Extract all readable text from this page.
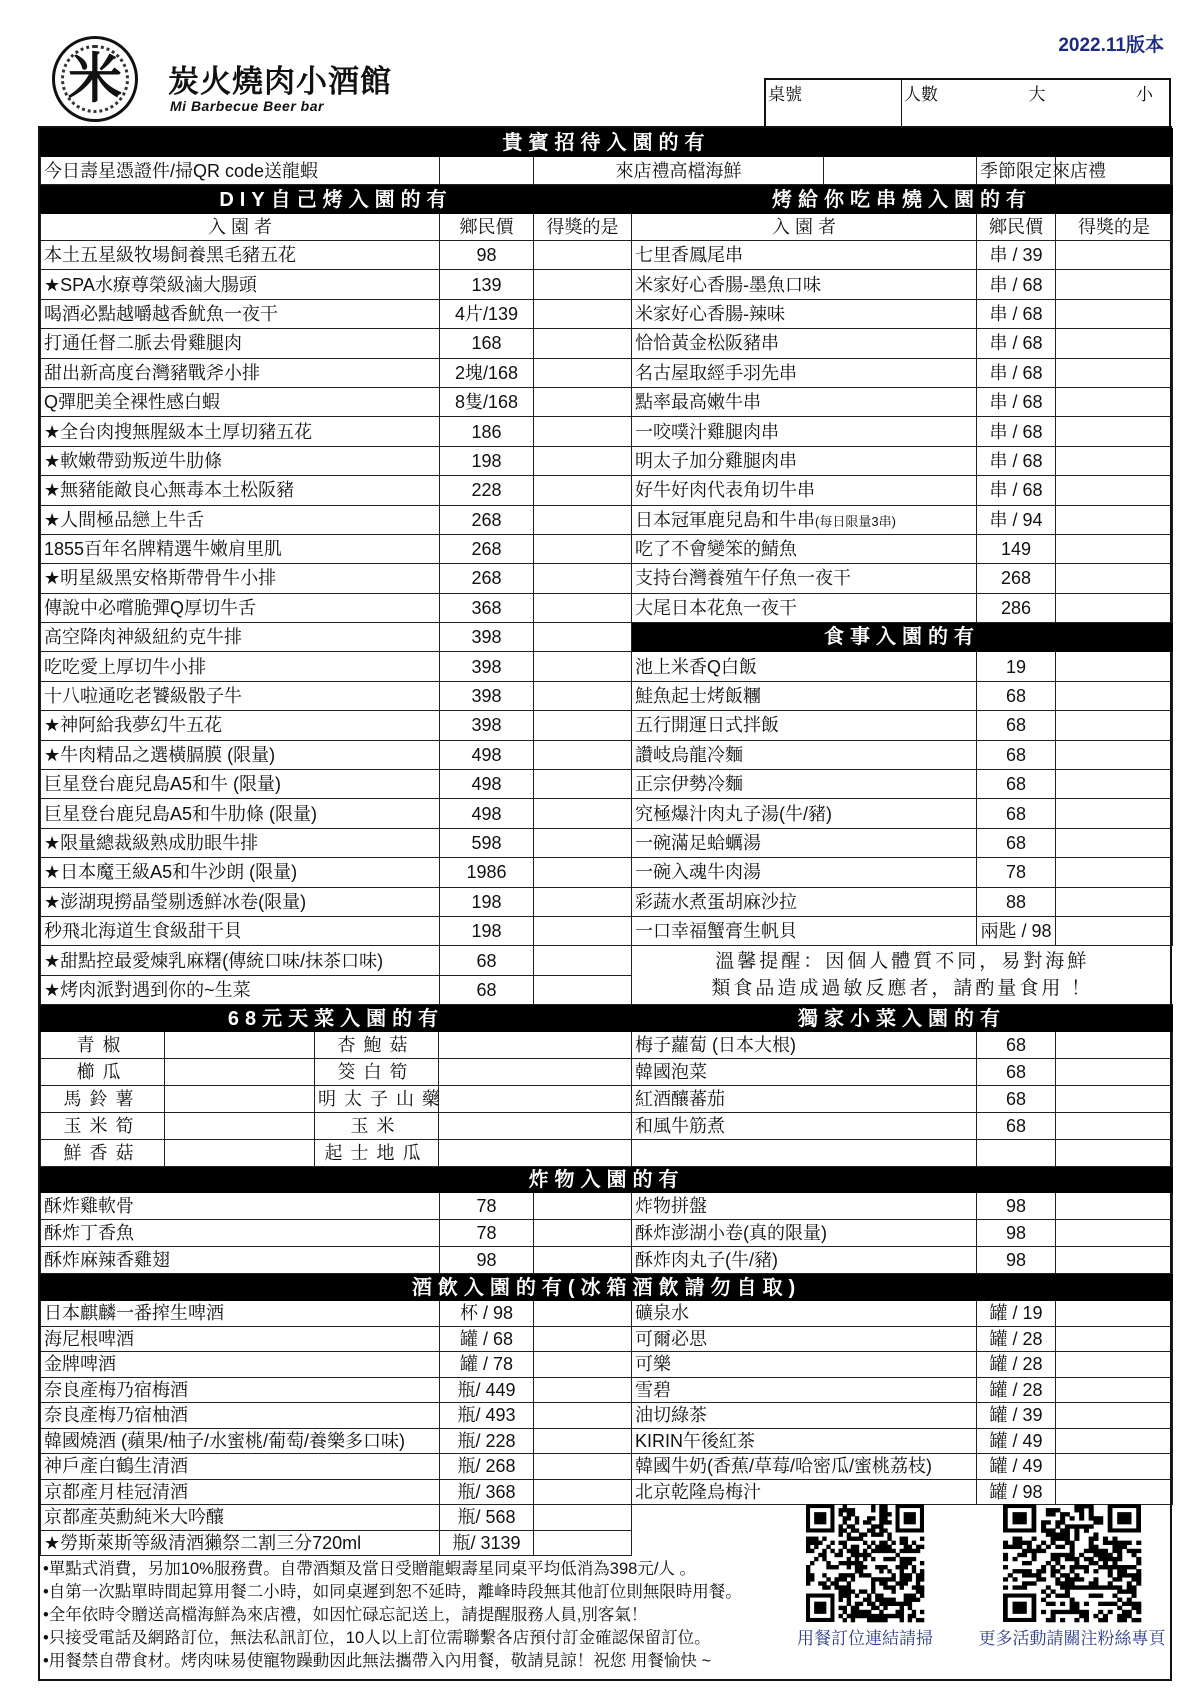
2022.11版本
米 炭火燒肉小酒館
Mi Barbecue Beer bar
桌號	人數	大	小
貴賓招待入園的有
今日壽星憑證件/掃QR code送龍蝦		來店禮高檔海鮮		季節限定來店禮	
DIY自己烤入園的有			烤給你吃串燒入園的有		
入 園 者	鄉民價	得獎的是	入 園 者	鄉民價	得獎的是
本土五星級牧場飼養黑毛豬五花	98		七里香鳳尾串	串 / 39	
★SPA水療尊榮級滷大腸頭	139		米家好心香腸-墨魚口味	串 / 68	
喝酒必點越嚼越香魷魚一夜干	4片/139		米家好心香腸-辣味	串 / 68	
打通任督二脈去骨雞腿肉	168		恰恰黃金松阪豬串	串 / 68	
甜出新高度台灣豬戰斧小排	2塊/168		名古屋取經手羽先串	串 / 68	
Q彈肥美全裸性感白蝦	8隻/168		點率最高嫩牛串	串 / 68	
★全台肉搜無腥級本土厚切豬五花	186		一咬噗汁雞腿肉串	串 / 68	
★軟嫩帶勁叛逆牛肋條	198		明太子加分雞腿肉串	串 / 68	
★無豬能敵良心無毒本土松阪豬	228		好牛好肉代表角切牛串	串 / 68	
★人間極品戀上牛舌	268		日本冠軍鹿兒島和牛串(每日限量3串)	串 / 94	
1855百年名牌精選牛嫩肩里肌	268		吃了不會變笨的鯖魚	149	
★明星級黑安格斯帶骨牛小排	268		支持台灣養殖午仔魚一夜干	268	
傳說中必嚐脆彈Q厚切牛舌	368		大尾日本花魚一夜干	286	
高空降肉神級紐約克牛排	398		食事入園的有		
吃吃愛上厚切牛小排	398		池上米香Q白飯	19	
十八啦通吃老饕級骰子牛	398		鮭魚起士烤飯糰	68	
★神阿給我夢幻牛五花	398		五行開運日式拌飯	68	
★牛肉精品之選橫膈膜 (限量)	498		讚岐烏龍冷麵	68	
巨星登台鹿兒島A5和牛 (限量)	498		正宗伊勢冷麵	68	
巨星登台鹿兒島A5和牛肋條 (限量)	498		究極爆汁肉丸子湯(牛/豬)	68	
★限量總裁級熟成肋眼牛排	598		一碗滿足蛤蠣湯	68	
★日本魔王級A5和牛沙朗 (限量)	1986		一碗入魂牛肉湯	78	
★澎湖現撈晶瑩剔透鮮冰卷(限量)	198		彩蔬水煮蛋胡麻沙拉	88	
秒飛北海道生食級甜干貝	198		一口幸福蟹膏生帆貝	兩匙 / 98	
★甜點控最愛煉乳麻糬(傳統口味/抹茶口味)	68		溫馨提醒：因個人體質不同，易對海鮮
類食品造成過敏反應者，請酌量食用 ！		

★烤肉派對遇到你的~生菜	68				
68元天菜入園的有				獨家小菜入園的有		
青椒		杏鮑菇		梅子蘿蔔 (日本大根)	68	
櫛瓜		筊白筍		韓國泡菜	68	
馬鈴薯		明太子山藥		紅酒釀蕃茄	68	
玉米筍		玉米		和風牛筋煮	68	
鮮香菇		起士地瓜				
炸物入園的有					
酥炸雞軟骨	78		炸物拼盤	98	
酥炸丁香魚	78		酥炸澎湖小卷(真的限量)	98	
酥炸麻辣香雞翅	98		酥炸肉丸子(牛/豬)	98	
酒飲入園的有(冰箱酒飲請勿自取)					
日本麒麟一番搾生啤酒	杯 / 98		礦泉水	罐 / 19	
海尼根啤酒	罐 / 68		可爾必思	罐 / 28	
金牌啤酒	罐 / 78		可樂	罐 / 28	
奈良產梅乃宿梅酒	瓶/ 449		雪碧	罐 / 28	
奈良產梅乃宿柚酒	瓶/ 493		油切綠茶	罐 / 39	
韓國燒酒 (蘋果/柚子/水蜜桃/葡萄/養樂多口味)	瓶/ 228		KIRIN午後紅茶	罐 / 49	
神戶產白鶴生清酒	瓶/ 268		韓國牛奶(香蕉/草莓/哈密瓜/蜜桃荔枝)	罐 / 49	
京都產月桂冠清酒	瓶/ 368		北京乾隆烏梅汁	罐 / 98	
京都產英勳純米大吟釀	瓶/ 568				
★勞斯萊斯等級清酒獺祭二割三分720ml	瓶/ 3139				
•單點式消費，另加10%服務費。自帶酒類及當日受贈龍蝦壽星同桌平均低消為398元/人 。
•自第一次點單時間起算用餐二小時，如同桌遲到恕不延時，離峰時段無其他訂位則無限時用餐。
•全年依時令贈送高檔海鮮為來店禮，如因忙碌忘記送上，請提醒服務人員,別客氣！
•只接受電話及網路訂位，無法私訊訂位，10人以上訂位需聯繫各店預付訂金確認保留訂位。
•用餐禁自帶食材。烤肉味易使寵物躁動因此無法攜帶入內用餐，敬請見諒！祝您 用餐愉快 ~
用餐訂位連結請掃	更多活動請關注粉絲專頁
